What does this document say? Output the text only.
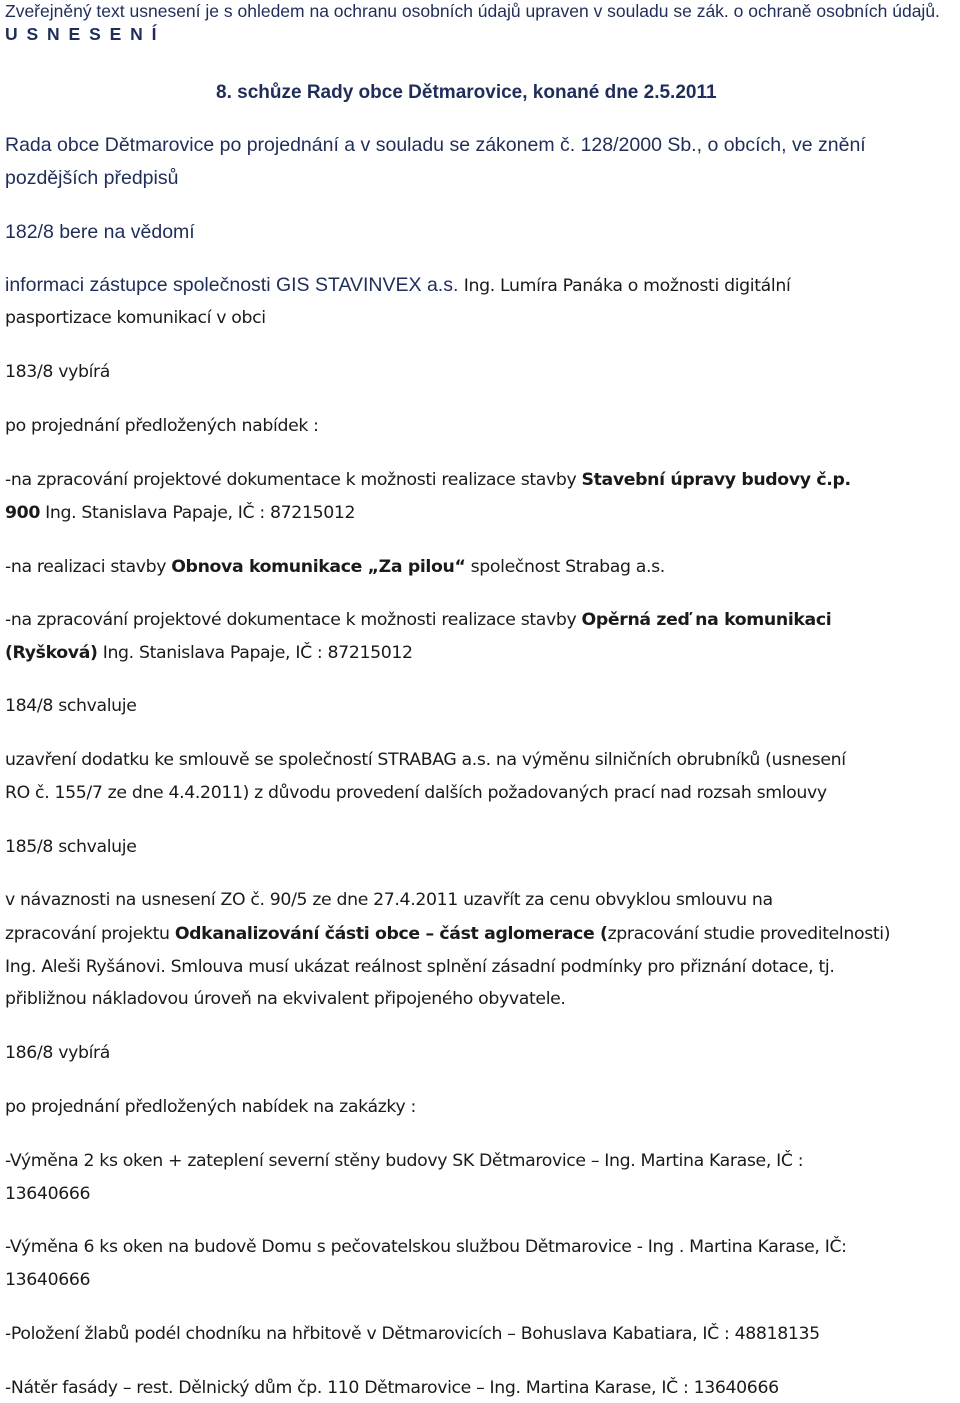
Zveřejněný text usnesení je s ohledem na ochranu osobních údajů upraven v souladu se zák. o ochraně osobních údajů.
U S N E S E N Í
8. schůze Rady obce Dětmarovice, konané dne 2.5.2011
Rada obce Dětmarovice po projednání a v souladu se zákonem č. 128/2000 Sb., o obcích, ve znění
pozdějších předpisů
182/8 bere na vědomí
informaci zástupce společnosti GIS STAVINVEX a.s. Ing. Lumíra Panáka o možnosti digitální
pasportizace komunikací v obci
183/8 vybírá
po projednání předložených nabídek :
-na zpracování projektové dokumentace k možnosti realizace stavby Stavební úpravy budovy č.p.
900 Ing. Stanislava Papaje, IČ : 87215012
-na realizaci stavby Obnova komunikace „Za pilou“ společnost Strabag a.s.
-na zpracování projektové dokumentace k možnosti realizace stavby Opěrná zeď na komunikaci
(Ryšková) Ing. Stanislava Papaje, IČ : 87215012
184/8 schvaluje
uzavření dodatku ke smlouvě se společností STRABAG a.s. na výměnu silničních obrubníků (usnesení
RO č. 155/7 ze dne 4.4.2011) z důvodu provedení dalších požadovaných prací nad rozsah smlouvy
185/8 schvaluje
v návaznosti na usnesení ZO č. 90/5 ze dne 27.4.2011 uzavřít za cenu obvyklou smlouvu na
zpracování projektu Odkanalizování části obce – část aglomerace (zpracování studie proveditelnosti)
Ing. Aleši Ryšánovi. Smlouva musí ukázat reálnost splnění zásadní podmínky pro přiznání dotace, tj.
přibližnou nákladovou úroveň na ekvivalent připojeného obyvatele.
186/8 vybírá
po projednání předložených nabídek na zakázky :
-Výměna 2 ks oken + zateplení severní stěny budovy SK Dětmarovice – Ing. Martina Karase, IČ :
13640666
-Výměna 6 ks oken na budově Domu s pečovatelskou službou Dětmarovice - Ing . Martina Karase, IČ:
13640666
-Položení žlabů podél chodníku na hřbitově v Dětmarovicích – Bohuslava Kabatiara, IČ : 48818135
-Nátěr fasády – rest. Dělnický dům čp. 110 Dětmarovice – Ing. Martina Karase, IČ : 13640666
